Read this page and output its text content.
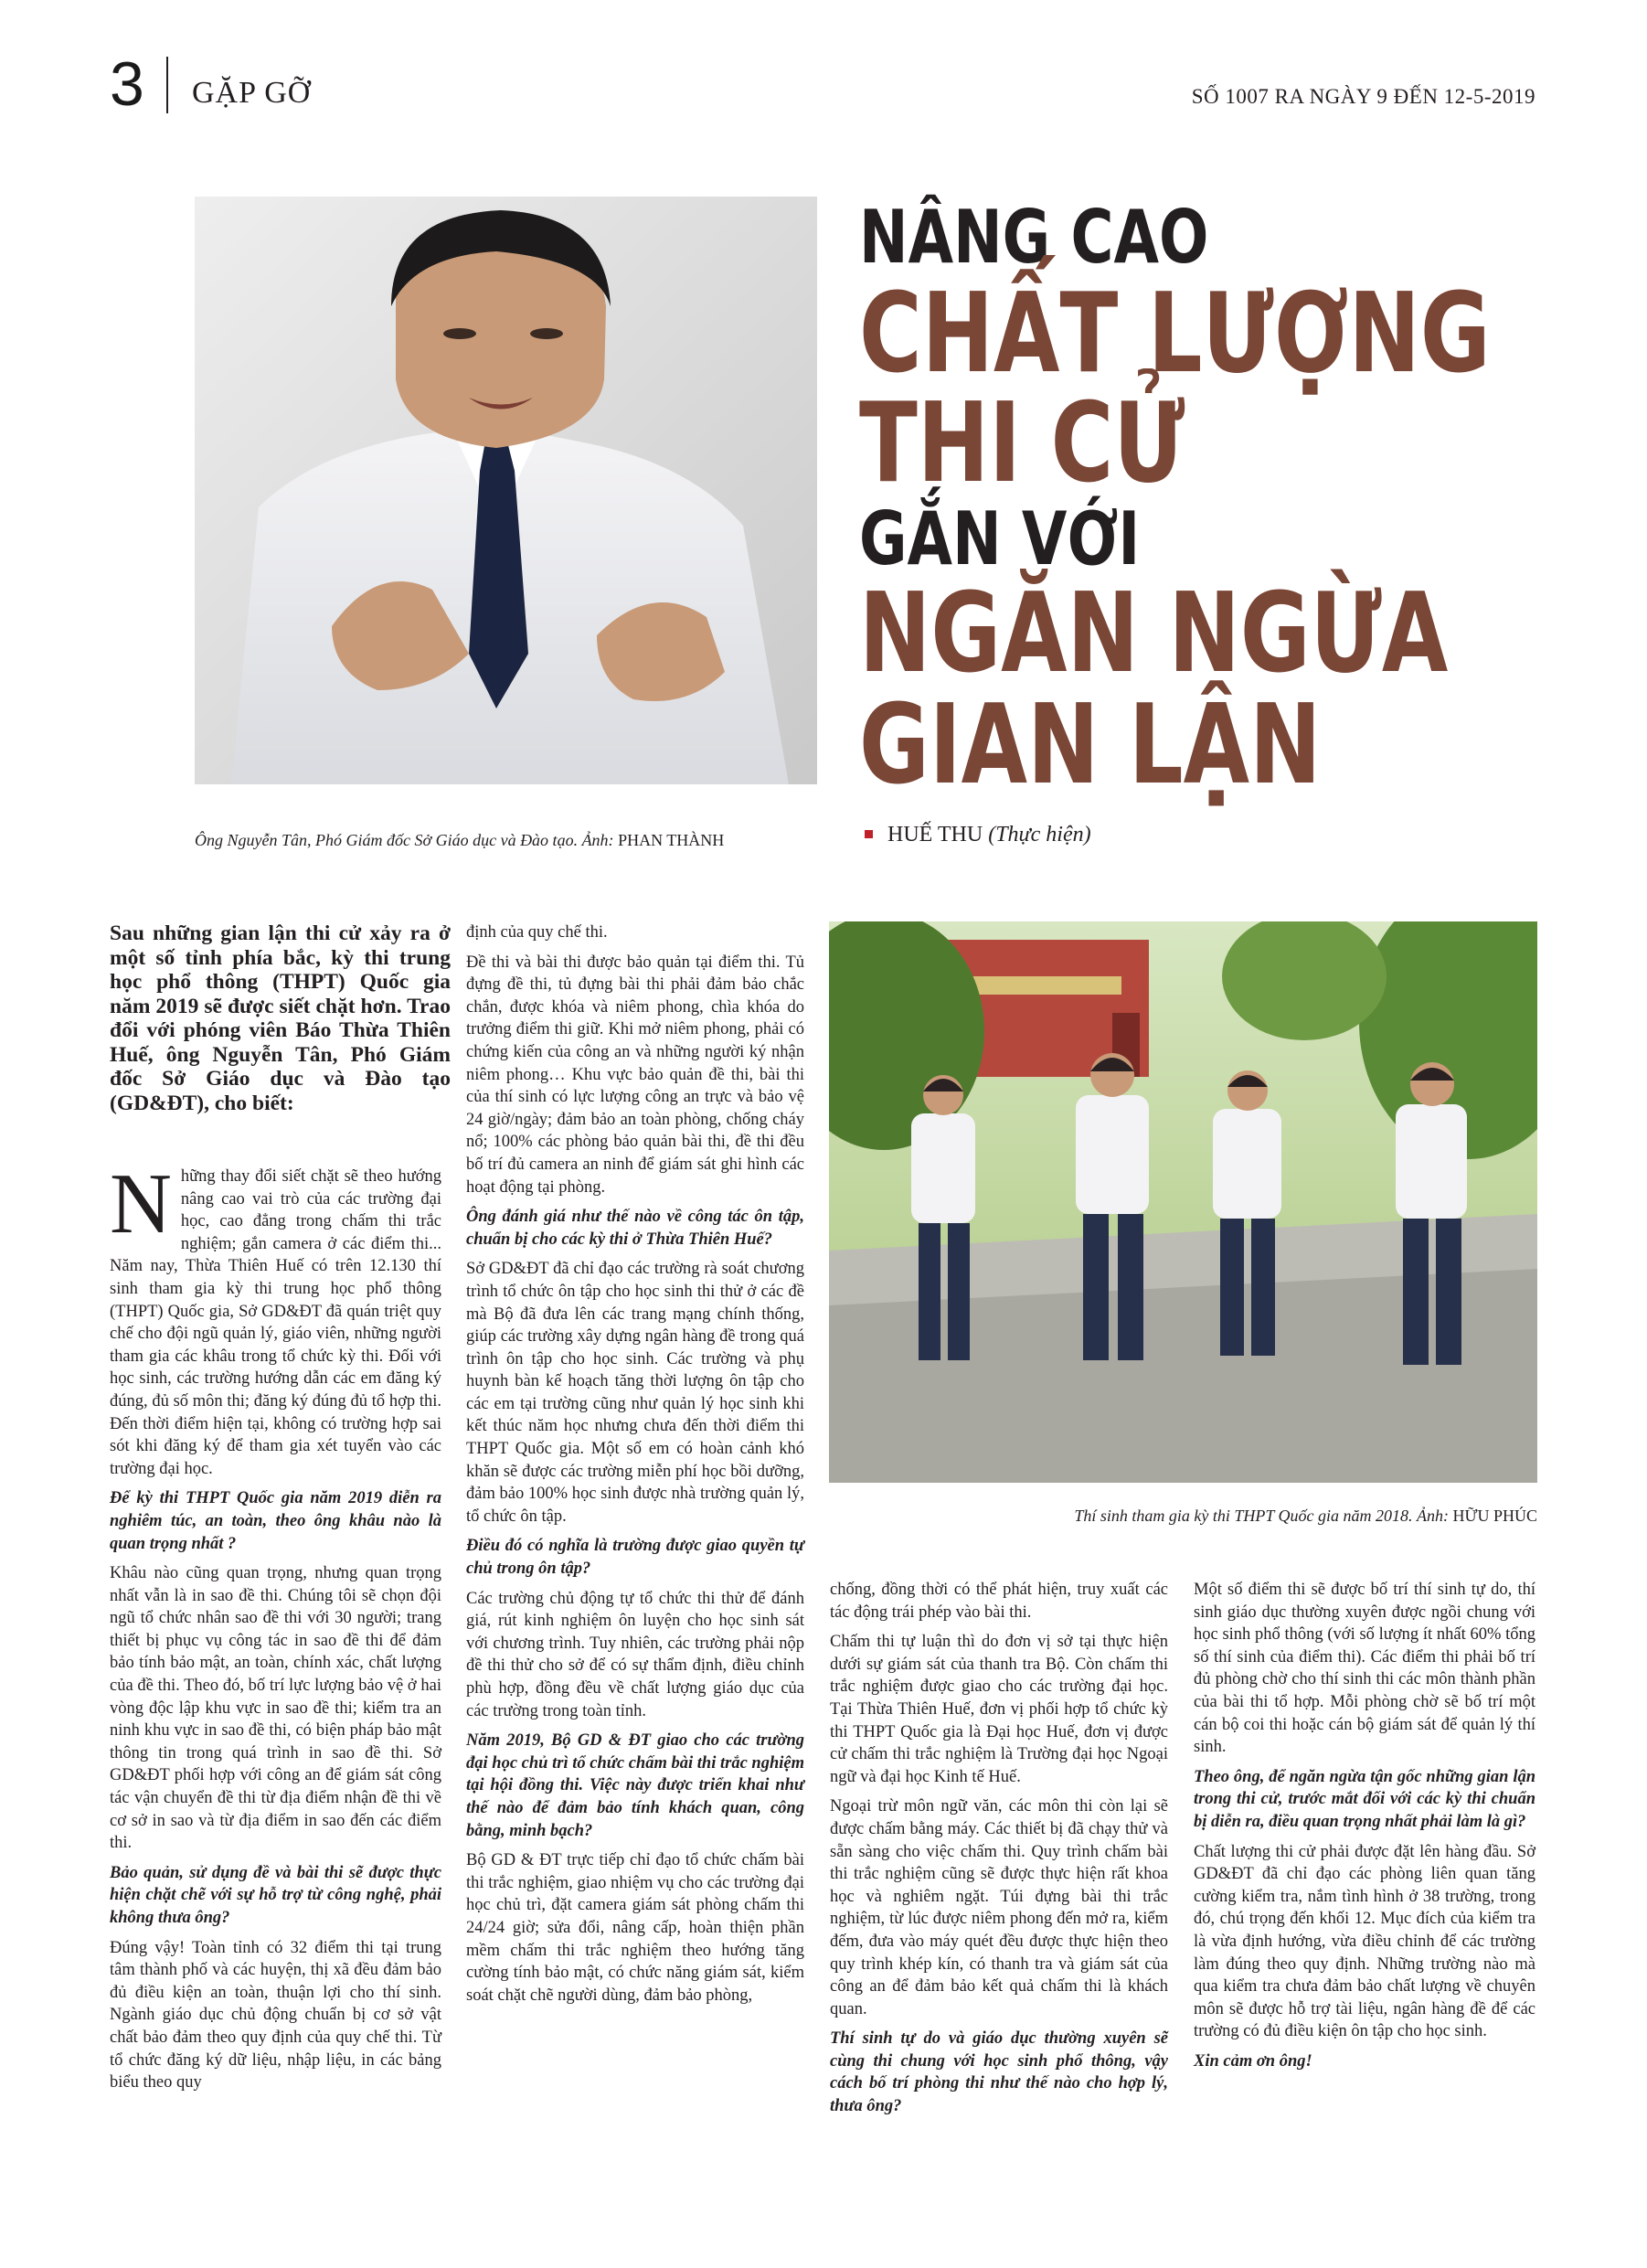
3 GẶP GỠ	SỐ 1007 RA NGÀY 9 ĐẾN 12-5-2019
Ông Nguyễn Tân, Phó Giám đốc Sở Giáo dục và Đào tạo. Ảnh: PHAN THÀNH
NÂNG CAO
CHẤT LƯỢNG
THI CỬ
GẮN VỚI
NGĂN NGỪA
GIAN LẬN
HUẾ THU (Thực hiện)
Sau những gian lận thi cử xảy ra ở một số tỉnh phía bắc, kỳ thi trung học phổ thông (THPT) Quốc gia năm 2019 sẽ được siết chặt hơn. Trao đổi với phóng viên Báo Thừa Thiên Huế, ông Nguyễn Tân, Phó Giám đốc Sở Giáo dục và Đào tạo (GD&ĐT), cho biết:

Những thay đổi siết chặt sẽ theo hướng nâng cao vai trò của các trường đại học, cao đẳng trong chấm thi trắc nghiệm; gắn camera ở các điểm thi... Năm nay, Thừa Thiên Huế có trên 12.130 thí sinh tham gia kỳ thi trung học phổ thông (THPT) Quốc gia, Sở GD&ĐT đã quán triệt quy chế cho đội ngũ quản lý, giáo viên, những người tham gia các khâu trong tổ chức kỳ thi. Đối với học sinh, các trường hướng dẫn các em đăng ký đúng, đủ số môn thi; đăng ký đúng đủ tổ hợp thi. Đến thời điểm hiện tại, không có trường hợp sai sót khi đăng ký để tham gia xét tuyển vào các trường đại học.

Để kỳ thi THPT Quốc gia năm 2019 diễn ra nghiêm túc, an toàn, theo ông khâu nào là quan trọng nhất ?

Khâu nào cũng quan trọng, nhưng quan trọng nhất vẫn là in sao đề thi. Chúng tôi sẽ chọn đội ngũ tổ chức nhân sao đề thi với 30 người; trang thiết bị phục vụ công tác in sao đề thi để đảm bảo tính bảo mật, an toàn, chính xác, chất lượng của đề thi. Theo đó, bố trí lực lượng bảo vệ ở hai vòng độc lập khu vực in sao đề thi; kiểm tra an ninh khu vực in sao đề thi, có biện pháp bảo mật thông tin trong quá trình in sao đề thi. Sở GD&ĐT phối hợp với công an để giám sát công tác vận chuyển đề thi từ địa điểm nhận đề thi về cơ sở in sao và từ địa điểm in sao đến các điểm thi.

Bảo quản, sử dụng đề và bài thi sẽ được thực hiện chặt chẽ với sự hỗ trợ từ công nghệ, phải không thưa ông?

Đúng vậy! Toàn tỉnh có 32 điểm thi tại trung tâm thành phố và các huyện, thị xã đều đảm bảo đủ điều kiện an toàn, thuận lợi cho thí sinh. Ngành giáo dục chủ động chuẩn bị cơ sở vật chất bảo đảm theo quy định của quy chế thi. Từ tổ chức đăng ký dữ liệu, nhập liệu, in các bảng biểu theo quy

định của quy chế thi.

Đề thi và bài thi được bảo quản tại điểm thi. Tủ đựng đề thi, tủ đựng bài thi phải đảm bảo chắc chắn, được khóa và niêm phong, chìa khóa do trưởng điểm thi giữ. Khi mở niêm phong, phải có chứng kiến của công an và những người ký nhận niêm phong… Khu vực bảo quản đề thi, bài thi của thí sinh có lực lượng công an trực và bảo vệ 24 giờ/ngày; đảm bảo an toàn phòng, chống cháy nổ; 100% các phòng bảo quản bài thi, đề thi đều bố trí đủ camera an ninh để giám sát ghi hình các hoạt động tại phòng.

Ông đánh giá như thế nào về công tác ôn tập, chuẩn bị cho các kỳ thi ở Thừa Thiên Huế?

Sở GD&ĐT đã chỉ đạo các trường rà soát chương trình tổ chức ôn tập cho học sinh thi thử ở các đề mà Bộ đã đưa lên các trang mạng chính thống, giúp các trường xây dựng ngân hàng đề trong quá trình ôn tập cho học sinh. Các trường và phụ huynh bàn kế hoạch tăng thời lượng ôn tập cho các em tại trường cũng như quản lý học sinh khi kết thúc năm học nhưng chưa đến thời điểm thi THPT Quốc gia. Một số em có hoàn cảnh khó khăn sẽ được các trường miễn phí học bồi dưỡng, đảm bảo 100% học sinh được nhà trường quản lý, tổ chức ôn tập.

Điều đó có nghĩa là trường được giao quyền tự chủ trong ôn tập?

Các trường chủ động tự tổ chức thi thử để đánh giá, rút kinh nghiệm ôn luyện cho học sinh sát với chương trình. Tuy nhiên, các trường phải nộp đề thi thử cho sở để có sự thẩm định, điều chỉnh phù hợp, đồng đều về chất lượng giáo dục của các trường trong toàn tỉnh.

Năm 2019, Bộ GD & ĐT giao cho các trường đại học chủ trì tổ chức chấm bài thi trắc nghiệm tại hội đồng thi. Việc này được triển khai như thế nào để đảm bảo tính khách quan, công bằng, minh bạch?

Bộ GD & ĐT trực tiếp chỉ đạo tổ chức chấm bài thi trắc nghiệm, giao nhiệm vụ cho các trường đại học chủ trì, đặt camera giám sát phòng chấm thi 24/24 giờ; sửa đổi, nâng cấp, hoàn thiện phần mềm chấm thi trắc nghiệm theo hướng tăng cường tính bảo mật, có chức năng giám sát, kiểm soát chặt chẽ người dùng, đảm bảo phòng,

Thí sinh tham gia kỳ thi THPT Quốc gia năm 2018. Ảnh: HỮU PHÚC

chống, đồng thời có thể phát hiện, truy xuất các tác động trái phép vào bài thi.

Chấm thi tự luận thì do đơn vị sở tại thực hiện dưới sự giám sát của thanh tra Bộ. Còn chấm thi trắc nghiệm được giao cho các trường đại học. Tại Thừa Thiên Huế, đơn vị phối hợp tổ chức kỳ thi THPT Quốc gia là Đại học Huế, đơn vị được cử chấm thi trắc nghiệm là Trường đại học Ngoại ngữ và đại học Kinh tế Huế.

Ngoại trừ môn ngữ văn, các môn thi còn lại sẽ được chấm bằng máy. Các thiết bị đã chạy thử và sẵn sàng cho việc chấm thi. Quy trình chấm bài thi trắc nghiệm cũng sẽ được thực hiện rất khoa học và nghiêm ngặt. Túi đựng bài thi trắc nghiệm, từ lúc được niêm phong đến mở ra, kiểm đếm, đưa vào máy quét đều được thực hiện theo quy trình khép kín, có thanh tra và giám sát của công an để đảm bảo kết quả chấm thi là khách quan.

Thí sinh tự do và giáo dục thường xuyên sẽ cùng thi chung với học sinh phổ thông, vậy cách bố trí phòng thi như thế nào cho hợp lý, thưa ông?

Một số điểm thi sẽ được bố trí thí sinh tự do, thí sinh giáo dục thường xuyên được ngồi chung với học sinh phổ thông (với số lượng ít nhất 60% tổng số thí sinh của điểm thi). Các điểm thi phải bố trí đủ phòng chờ cho thí sinh thi các môn thành phần của bài thi tổ hợp. Mỗi phòng chờ sẽ bố trí một cán bộ coi thi hoặc cán bộ giám sát để quản lý thí sinh.

Theo ông, để ngăn ngừa tận gốc những gian lận trong thi cử, trước mắt đối với các kỳ thi chuẩn bị diễn ra, điều quan trọng nhất phải làm là gì?

Chất lượng thi cử phải được đặt lên hàng đầu. Sở GD&ĐT đã chỉ đạo các phòng liên quan tăng cường kiểm tra, nắm tình hình ở 38 trường, trong đó, chú trọng đến khối 12. Mục đích của kiểm tra là vừa định hướng, vừa điều chỉnh để các trường làm đúng theo quy định. Những trường nào mà qua kiểm tra chưa đảm bảo chất lượng về chuyên môn sẽ được hỗ trợ tài liệu, ngân hàng đề để các trường có đủ điều kiện ôn tập cho học sinh.

Xin cảm ơn ông!
